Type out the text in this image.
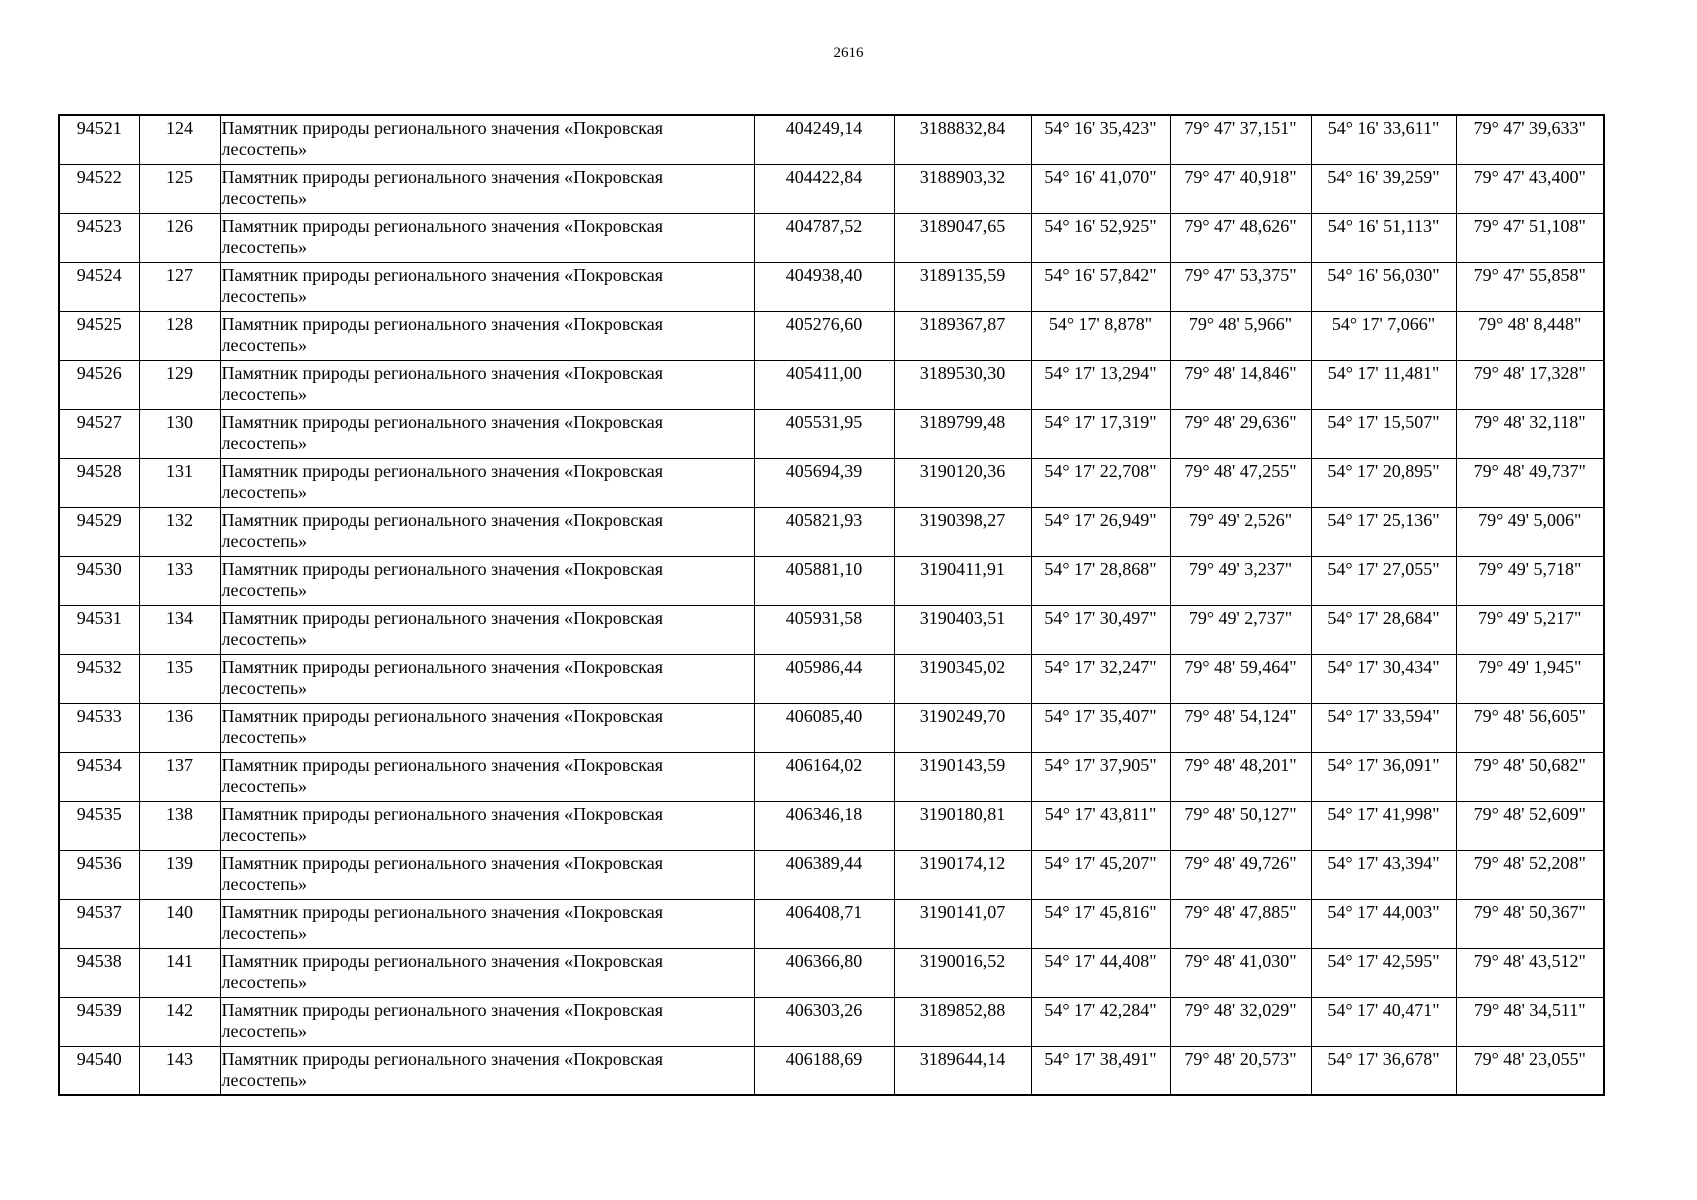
2616
94521	124	Памятник природы регионального значения «Покровская лесостепь»	404249,14	3188832,84	54° 16' 35,423"	79° 47' 37,151"	54° 16' 33,611"	79° 47' 39,633"
94522	125	Памятник природы регионального значения «Покровская лесостепь»	404422,84	3188903,32	54° 16' 41,070"	79° 47' 40,918"	54° 16' 39,259"	79° 47' 43,400"
94523	126	Памятник природы регионального значения «Покровская лесостепь»	404787,52	3189047,65	54° 16' 52,925"	79° 47' 48,626"	54° 16' 51,113"	79° 47' 51,108"
94524	127	Памятник природы регионального значения «Покровская лесостепь»	404938,40	3189135,59	54° 16' 57,842"	79° 47' 53,375"	54° 16' 56,030"	79° 47' 55,858"
94525	128	Памятник природы регионального значения «Покровская лесостепь»	405276,60	3189367,87	54° 17' 8,878"	79° 48' 5,966"	54° 17' 7,066"	79° 48' 8,448"
94526	129	Памятник природы регионального значения «Покровская лесостепь»	405411,00	3189530,30	54° 17' 13,294"	79° 48' 14,846"	54° 17' 11,481"	79° 48' 17,328"
94527	130	Памятник природы регионального значения «Покровская лесостепь»	405531,95	3189799,48	54° 17' 17,319"	79° 48' 29,636"	54° 17' 15,507"	79° 48' 32,118"
94528	131	Памятник природы регионального значения «Покровская лесостепь»	405694,39	3190120,36	54° 17' 22,708"	79° 48' 47,255"	54° 17' 20,895"	79° 48' 49,737"
94529	132	Памятник природы регионального значения «Покровская лесостепь»	405821,93	3190398,27	54° 17' 26,949"	79° 49' 2,526"	54° 17' 25,136"	79° 49' 5,006"
94530	133	Памятник природы регионального значения «Покровская лесостепь»	405881,10	3190411,91	54° 17' 28,868"	79° 49' 3,237"	54° 17' 27,055"	79° 49' 5,718"
94531	134	Памятник природы регионального значения «Покровская лесостепь»	405931,58	3190403,51	54° 17' 30,497"	79° 49' 2,737"	54° 17' 28,684"	79° 49' 5,217"
94532	135	Памятник природы регионального значения «Покровская лесостепь»	405986,44	3190345,02	54° 17' 32,247"	79° 48' 59,464"	54° 17' 30,434"	79° 49' 1,945"
94533	136	Памятник природы регионального значения «Покровская лесостепь»	406085,40	3190249,70	54° 17' 35,407"	79° 48' 54,124"	54° 17' 33,594"	79° 48' 56,605"
94534	137	Памятник природы регионального значения «Покровская лесостепь»	406164,02	3190143,59	54° 17' 37,905"	79° 48' 48,201"	54° 17' 36,091"	79° 48' 50,682"
94535	138	Памятник природы регионального значения «Покровская лесостепь»	406346,18	3190180,81	54° 17' 43,811"	79° 48' 50,127"	54° 17' 41,998"	79° 48' 52,609"
94536	139	Памятник природы регионального значения «Покровская лесостепь»	406389,44	3190174,12	54° 17' 45,207"	79° 48' 49,726"	54° 17' 43,394"	79° 48' 52,208"
94537	140	Памятник природы регионального значения «Покровская лесостепь»	406408,71	3190141,07	54° 17' 45,816"	79° 48' 47,885"	54° 17' 44,003"	79° 48' 50,367"
94538	141	Памятник природы регионального значения «Покровская лесостепь»	406366,80	3190016,52	54° 17' 44,408"	79° 48' 41,030"	54° 17' 42,595"	79° 48' 43,512"
94539	142	Памятник природы регионального значения «Покровская лесостепь»	406303,26	3189852,88	54° 17' 42,284"	79° 48' 32,029"	54° 17' 40,471"	79° 48' 34,511"
94540	143	Памятник природы регионального значения «Покровская лесостепь»	406188,69	3189644,14	54° 17' 38,491"	79° 48' 20,573"	54° 17' 36,678"	79° 48' 23,055"
